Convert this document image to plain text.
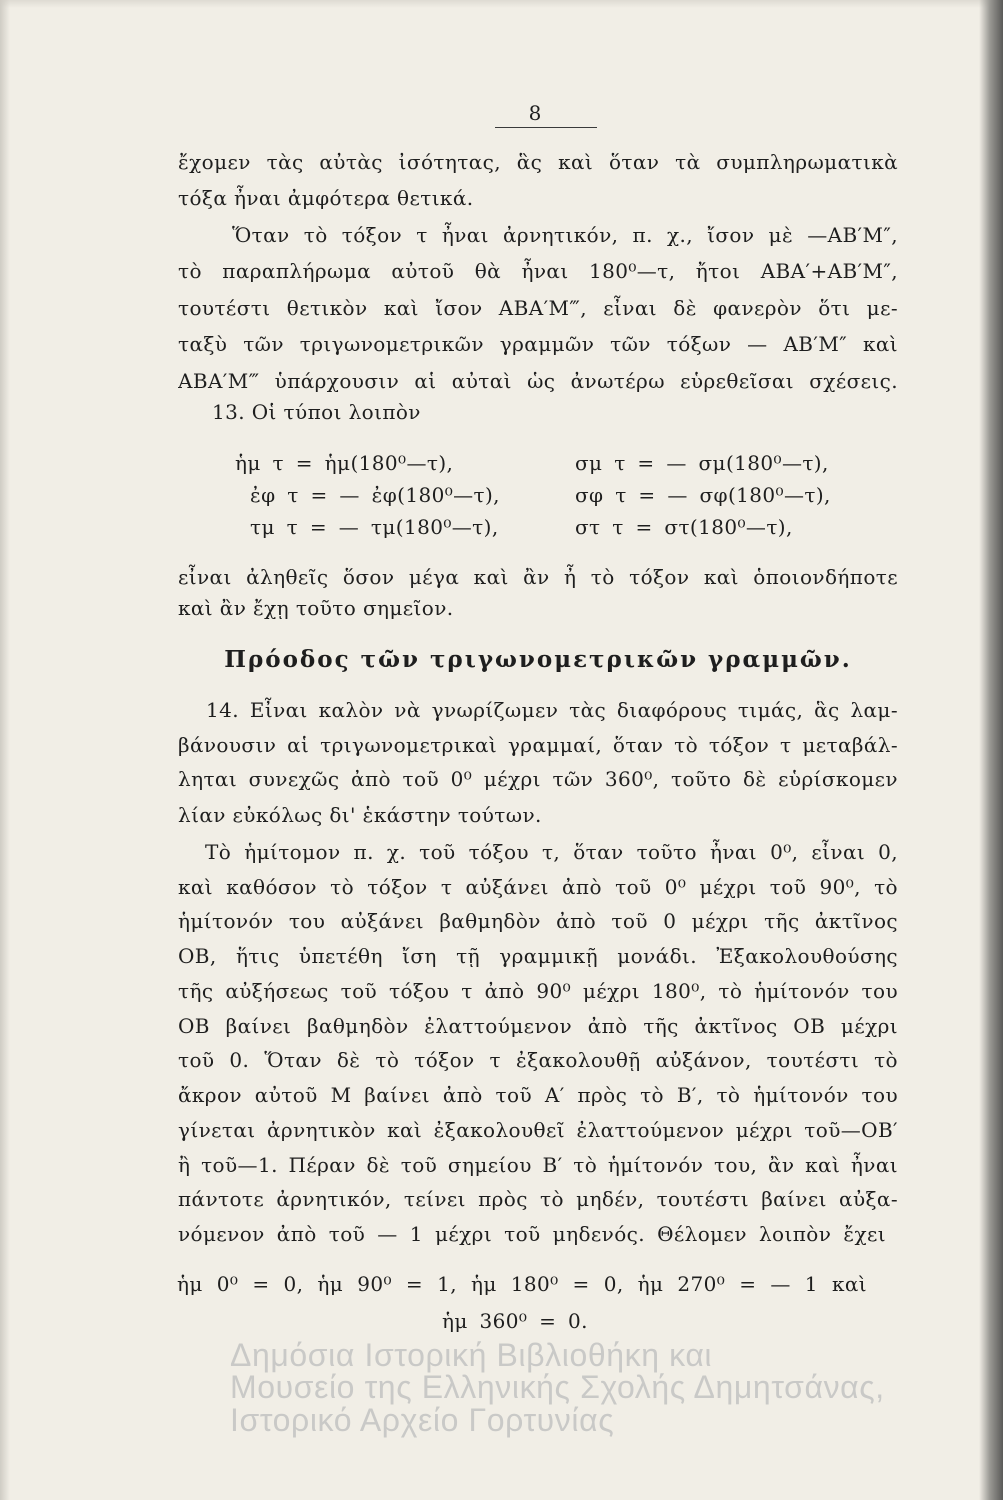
8
ἔχομεν τὰς αὐτὰς ἰσότητας, ἃς καὶ ὅταν τὰ συμπληρωματικὰ
τόξα ἦναι ἀμφότερα θετικά.
Ὅταν τὸ τόξον τ ἦναι ἀρνητικόν, π. χ., ἴσον μὲ —ΑΒ′Μ″,
τὸ παραπλήρωμα αὐτοῦ θὰ ἦναι 180⁰—τ, ἤτοι ΑΒΑ′+ΑΒ′Μ″,
τουτέστι θετικὸν καὶ ἴσον ΑΒΑ′Μ‴, εἶναι δὲ φανερὸν ὅτι με-
ταξὺ τῶν τριγωνομετρικῶν γραμμῶν τῶν τόξων — ΑΒ′Μ″ καὶ
ΑΒΑ′Μ‴ ὑπάρχουσιν αἱ αὐταὶ ὡς ἀνωτέρω εὑρεθεῖσαι σχέσεις.
13. Οἱ τύποι λοιπὸν
ἡμ τ = ἡμ(180⁰—τ),
ἐφ τ = — ἐφ(180⁰—τ),
τμ τ = — τμ(180⁰—τ),
σμ τ = — σμ(180⁰—τ),
σφ τ = — σφ(180⁰—τ),
στ τ = στ(180⁰—τ),
εἶναι ἀληθεῖς ὅσον μέγα καὶ ἂν ἦ τὸ τόξον καὶ ὁποιονδήποτε
καὶ ἂν ἔχῃ τοῦτο σημεῖον.
Πρόοδος τῶν τριγωνομετρικῶν γραμμῶν.
14. Εἶναι καλὸν νὰ γνωρίζωμεν τὰς διαφόρους τιμάς, ἃς λαμ-
βάνουσιν αἱ τριγωνομετρικαὶ γραμμαί, ὅταν τὸ τόξον τ μεταβάλ-
ληται συνεχῶς ἀπὸ τοῦ 0⁰ μέχρι τῶν 360⁰, τοῦτο δὲ εὑρίσκομεν
λίαν εὐκόλως δι' ἑκάστην τούτων.
Τὸ ἡμίτομον π. χ. τοῦ τόξου τ, ὅταν τοῦτο ἦναι 0⁰, εἶναι 0,
καὶ καθόσον τὸ τόξον τ αὐξάνει ἀπὸ τοῦ 0⁰ μέχρι τοῦ 90⁰, τὸ
ἡμίτονόν του αὐξάνει βαθμηδὸν ἀπὸ τοῦ 0 μέχρι τῆς ἀκτῖνος
ΟΒ, ἥτις ὑπετέθη ἴση τῇ γραμμικῇ μονάδι. Ἐξακολουθούσης
τῆς αὐξήσεως τοῦ τόξου τ ἀπὸ 90⁰ μέχρι 180⁰, τὸ ἡμίτονόν του
ΟΒ βαίνει βαθμηδὸν ἐλαττούμενον ἀπὸ τῆς ἀκτῖνος ΟΒ μέχρι
τοῦ 0. Ὅταν δὲ τὸ τόξον τ ἐξακολουθῇ αὐξάνον, τουτέστι τὸ
ἄκρον αὐτοῦ Μ βαίνει ἀπὸ τοῦ Α′ πρὸς τὸ Β′, τὸ ἡμίτονόν του
γίνεται ἀρνητικὸν καὶ ἐξακολουθεῖ ἐλαττούμενον μέχρι τοῦ—ΟΒ′
ἢ τοῦ—1. Πέραν δὲ τοῦ σημείου Β′ τὸ ἡμίτονόν του, ἂν καὶ ἦναι
πάντοτε ἀρνητικόν, τείνει πρὸς τὸ μηδέν, τουτέστι βαίνει αὐξα-
νόμενον ἀπὸ τοῦ — 1 μέχρι τοῦ μηδενός. Θέλομεν λοιπὸν ἔχει
ἡμ 0⁰ = 0, ἡμ 90⁰ = 1, ἡμ 180⁰ = 0, ἡμ 270⁰ = — 1 καὶ
ἡμ 360⁰ = 0.
Δημόσια Ιστορική Βιβλιοθήκη και
Μουσείο της Ελληνικής Σχολής Δημητσάνας,
Ιστορικό Αρχείο Γορτυνίας
